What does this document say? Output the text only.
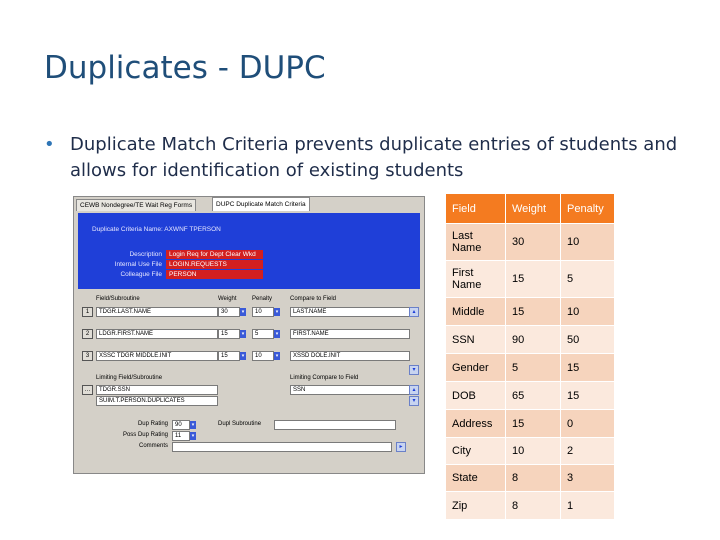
Duplicates - DUPC
• Duplicate Match Criteria prevents duplicate entries of students and allows for identification of existing students
CEWB Nondegree/TE Wait Reg Forms	DUPC Duplicate Match Criteria
Duplicate Criteria Name: AXWNF TPERSON
Description	Login Req for Dept Clear Wkd
Internal Use File	LOGIN.REQUESTS
Colleague File	PERSON
Field/Subroutine	Weight	Penalty	Compare to Field
1	TDGR.LAST.NAME	30	▾	10	▾	LAST.NAME	▴
2	LDGR.FIRST.NAME	15	▾	5	▾	FIRST.NAME
3	XSSC TDGR MIDDLE.INIT	15	▾	10	▾	XSSD DOLE.INIT
▾
Limiting Field/Subroutine	Limiting Compare to Field
…	TDGR.SSN
SUIM.T.PERSON.DUPLICATES
SSN	▴
▾
Dup Rating	90	▾
Poss Dup Rating	11	▾
Dupl Subroutine
Comments	▸
Field	Weight	Penalty
Last Name	30	10
First Name	15	5
Middle	15	10
SSN	90	50
Gender	5	15
DOB	65	15
Address	15	0
City	10	2
State	8	3
Zip	8	1
